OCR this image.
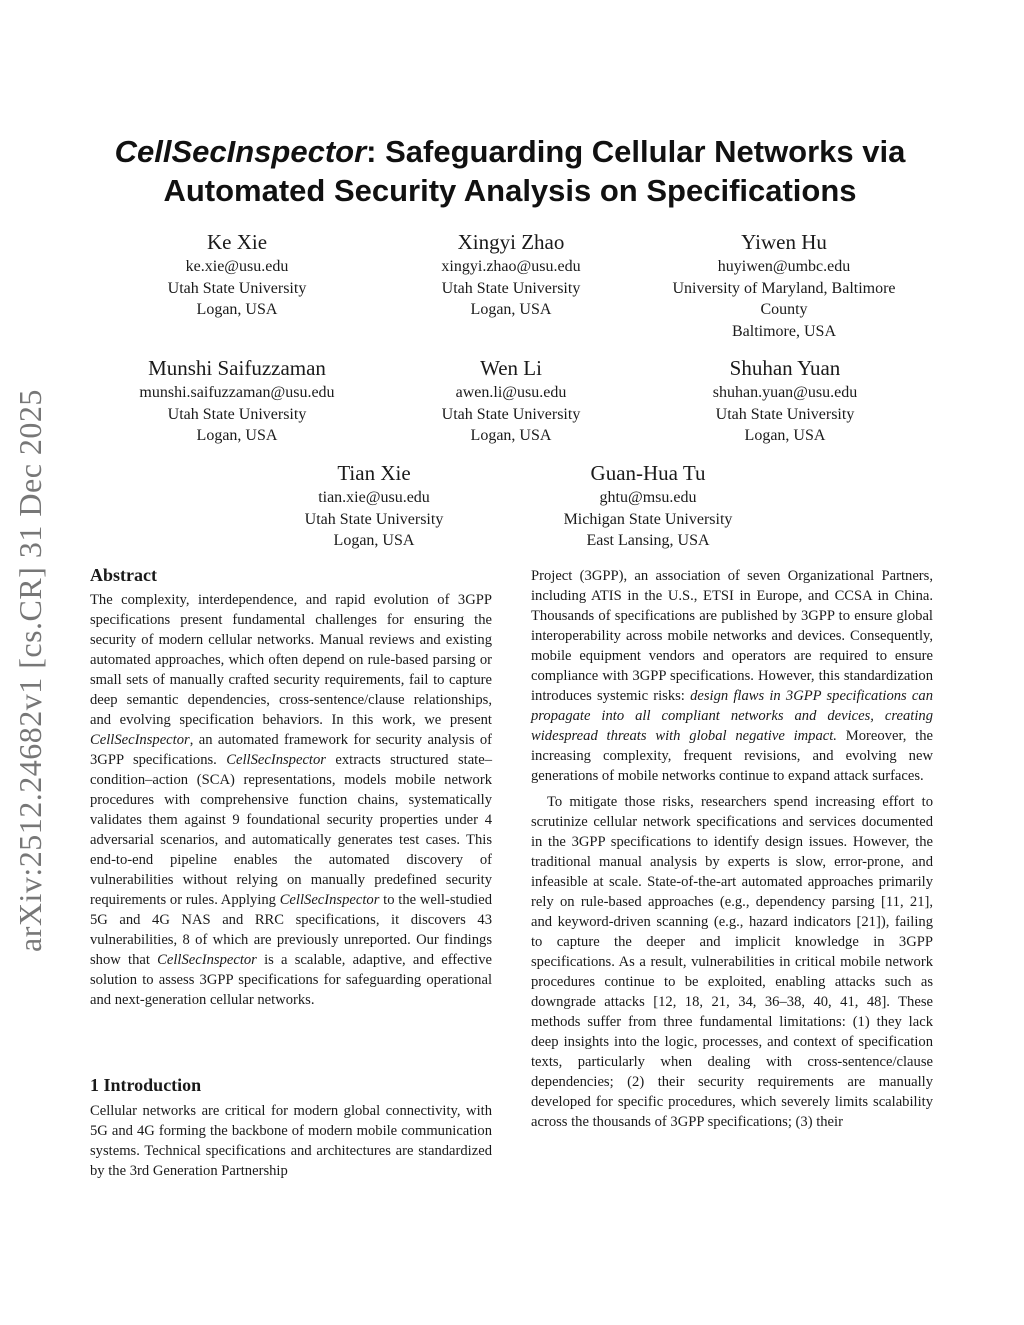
arXiv:2512.24682v1 [cs.CR] 31 Dec 2025
CellSecInspector: Safeguarding Cellular Networks via
Automated Security Analysis on Specifications
Ke Xie
ke.xie@usu.edu
Utah State University
Logan, USA
Xingyi Zhao
xingyi.zhao@usu.edu
Utah State University
Logan, USA
Yiwen Hu
huyiwen@umbc.edu
University of Maryland, Baltimore County
Baltimore, USA
Munshi Saifuzzaman
munshi.saifuzzaman@usu.edu
Utah State University
Logan, USA
Wen Li
awen.li@usu.edu
Utah State University
Logan, USA
Shuhan Yuan
shuhan.yuan@usu.edu
Utah State University
Logan, USA
Tian Xie
tian.xie@usu.edu
Utah State University
Logan, USA
Guan-Hua Tu
ghtu@msu.edu
Michigan State University
East Lansing, USA
Abstract

The complexity, interdependence, and rapid evolution of 3GPP specifications present fundamental challenges for ensuring the security of modern cellular networks. Manual reviews and existing automated approaches, which often depend on rule-based parsing or small sets of manually crafted security requirements, fail to capture deep semantic dependencies, cross-sentence/clause relationships, and evolving specification behaviors. In this work, we present CellSecInspector, an automated framework for security analysis of 3GPP specifications. CellSecInspector extracts structured state–condition–action (SCA) representations, models mobile network procedures with comprehensive function chains, systematically validates them against 9 foundational security properties under 4 adversarial scenarios, and automatically generates test cases. This end-to-end pipeline enables the automated discovery of vulnerabilities without relying on manually predefined security requirements or rules. Applying CellSecInspector to the well-studied 5G and 4G NAS and RRC specifications, it discovers 43 vulnerabilities, 8 of which are previously unreported. Our findings show that CellSecInspector is a scalable, adaptive, and effective solution to assess 3GPP specifications for safeguarding operational and next-generation cellular networks.

1 Introduction

Cellular networks are critical for modern global connectivity, with 5G and 4G forming the backbone of modern mobile communication systems. Technical specifications and architectures are standardized by the 3rd Generation Partnership

Project (3GPP), an association of seven Organizational Partners, including ATIS in the U.S., ETSI in Europe, and CCSA in China. Thousands of specifications are published by 3GPP to ensure global interoperability across mobile networks and devices. Consequently, mobile equipment vendors and operators are required to ensure compliance with 3GPP specifications. However, this standardization introduces systemic risks: design flaws in 3GPP specifications can propagate into all compliant networks and devices, creating widespread threats with global negative impact. Moreover, the increasing complexity, frequent revisions, and evolving new generations of mobile networks continue to expand attack surfaces.

To mitigate those risks, researchers spend increasing effort to scrutinize cellular network specifications and services documented in the 3GPP specifications to identify design issues. However, the traditional manual analysis by experts is slow, error-prone, and infeasible at scale. State-of-the-art automated approaches primarily rely on rule-based approaches (e.g., dependency parsing [11, 21], and keyword-driven scanning (e.g., hazard indicators [21]), failing to capture the deeper and implicit knowledge in 3GPP specifications. As a result, vulnerabilities in critical mobile network procedures continue to be exploited, enabling attacks such as downgrade attacks [12, 18, 21, 34, 36–38, 40, 41, 48]. These methods suffer from three fundamental limitations: (1) they lack deep insights into the logic, processes, and context of specification texts, particularly when dealing with cross-sentence/clause dependencies; (2) their security requirements are manually developed for specific procedures, which severely limits scalability across the thousands of 3GPP specifications; (3) their
